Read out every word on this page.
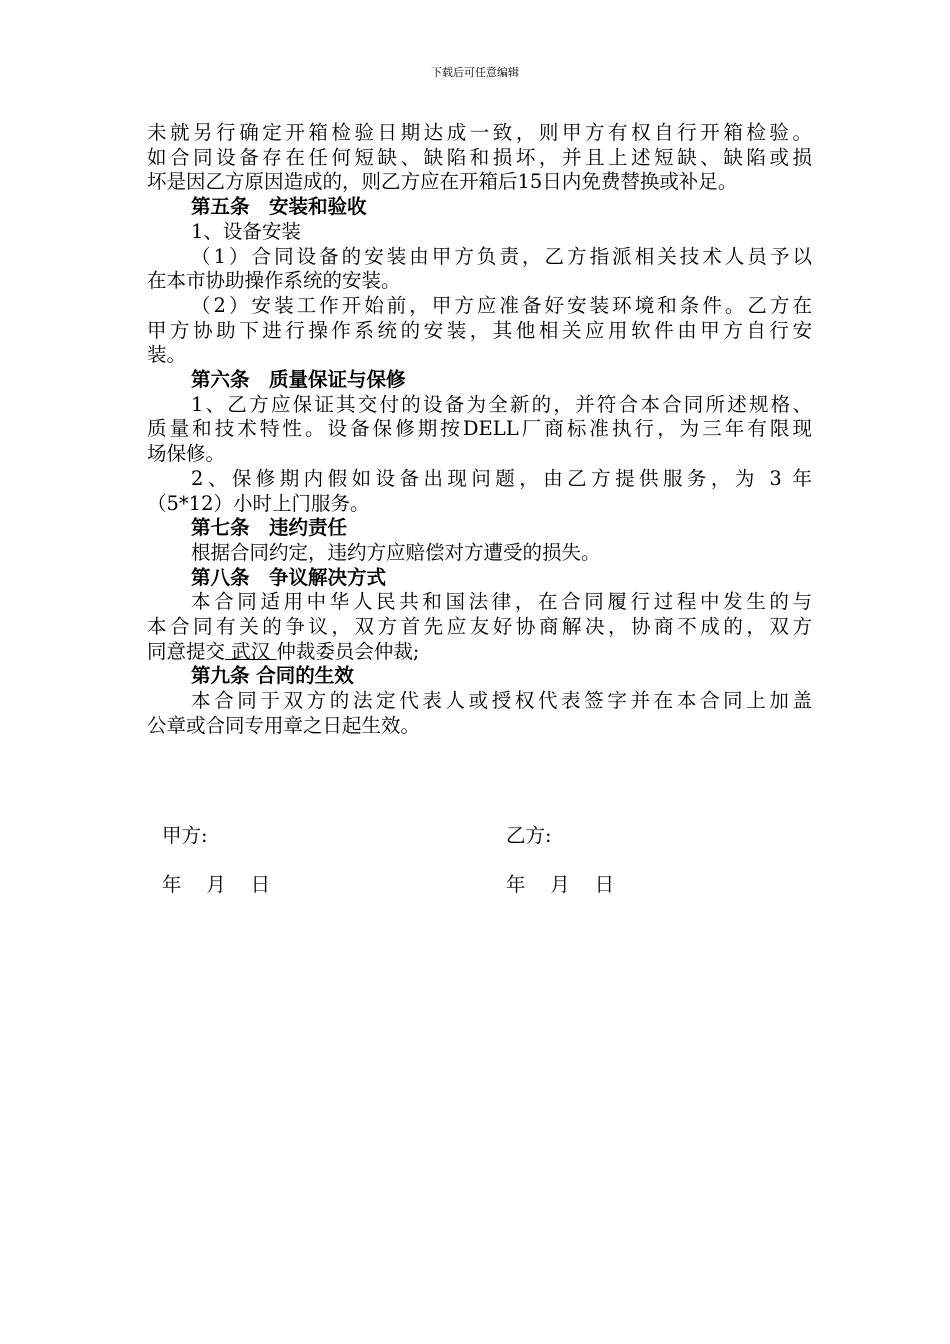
下载后可任意编辑

未就另行确定开箱检验日期达成一致，则甲方有权自行开箱检验。

如合同设备存在任何短缺、缺陷和损坏，并且上述短缺、缺陷或损

坏是因乙方原因造成的，则乙方应在开箱后15日内免费替换或补足。

第五条　安装和验收

1、设备安装

（1）合同设备的安装由甲方负责，乙方指派相关技术人员予以

在本市协助操作系统的安装。

（2）安装工作开始前，甲方应准备好安装环境和条件。乙方在

甲方协助下进行操作系统的安装，其他相关应用软件由甲方自行安

装。

第六条　质量保证与保修

1、乙方应保证其交付的设备为全新的，并符合本合同所述规格、

质量和技术特性。设备保修期按DELL厂商标准执行，为三年有限现

场保修。

2、保修期内假如设备出现问题，由乙方提供服务，为 3 年

（5*12）小时上门服务。

第七条　违约责任

根据合同约定，违约方应赔偿对方遭受的损失。

第八条　争议解决方式

本合同适用中华人民共和国法律，在合同履行过程中发生的与

本合同有关的争议，双方首先应友好协商解决，协商不成的，双方

同意提交 武汉 仲裁委员会仲裁;

第九条 合同的生效

本合同于双方的法定代表人或授权代表签字并在本合同上加盖

公章或合同专用章之日起生效。

甲方:	乙方:
年    月    日	年    月    日
